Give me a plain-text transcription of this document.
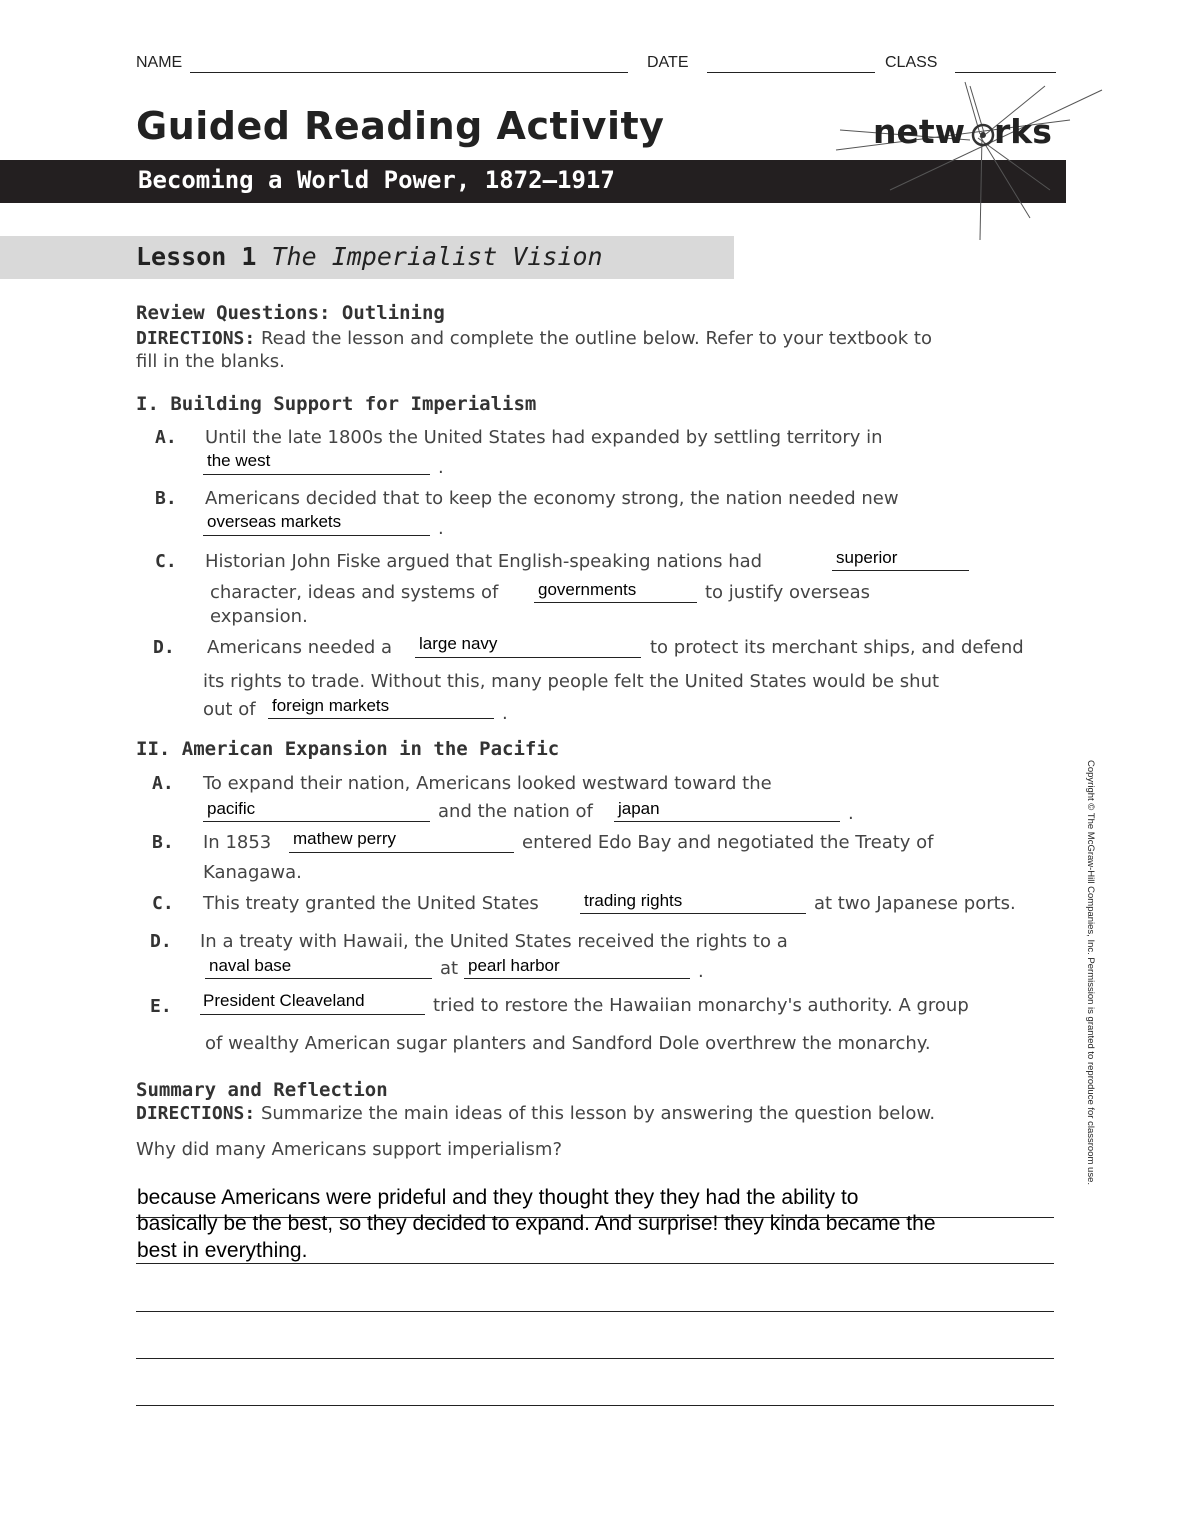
NAME	DATE	CLASS
Guided Reading Activity
Becoming a World Power, 1872–1917
netw rks
Lesson 1 The Imperialist Vision
Review Questions: Outlining
DIRECTIONS: Read the lesson and complete the outline below. Refer to your textbook to
fill in the blanks.
I. Building Support for Imperialism
A. Until the late 1800s the United States had expanded by settling territory in
the west	.
B. Americans decided that to keep the economy strong, the nation needed new
overseas markets	.
C. Historian John Fiske argued that English-speaking nations had	superior
character, ideas and systems of governments	to justify overseas
expansion.
D. Americans needed a large navy	to protect its merchant ships, and defend
its rights to trade. Without this, many people felt the United States would be shut
out of foreign markets	.
II. American Expansion in the Pacific
A. To expand their nation, Americans looked westward toward the
pacific	and the nation of japan	.
B. In 1853 mathew perry	entered Edo Bay and negotiated the Treaty of
Kanagawa.
C. This treaty granted the United States	trading rights	at two Japanese ports.
D. In a treaty with Hawaii, the United States received the rights to a
naval base	at pearl harbor	.
E. President Cleaveland	tried to restore the Hawaiian monarchy's authority. A group
of wealthy American sugar planters and Sandford Dole overthrew the monarchy.
Summary and Reflection
DIRECTIONS: Summarize the main ideas of this lesson by answering the question below.
Why did many Americans support imperialism?
because Americans were prideful and they thought they they had the ability to
basically be the best, so they decided to expand. And surprise! they kinda became the
best in everything.
Copyright © The McGraw-Hill Companies, Inc. Permission is granted to reproduce for classroom use.
